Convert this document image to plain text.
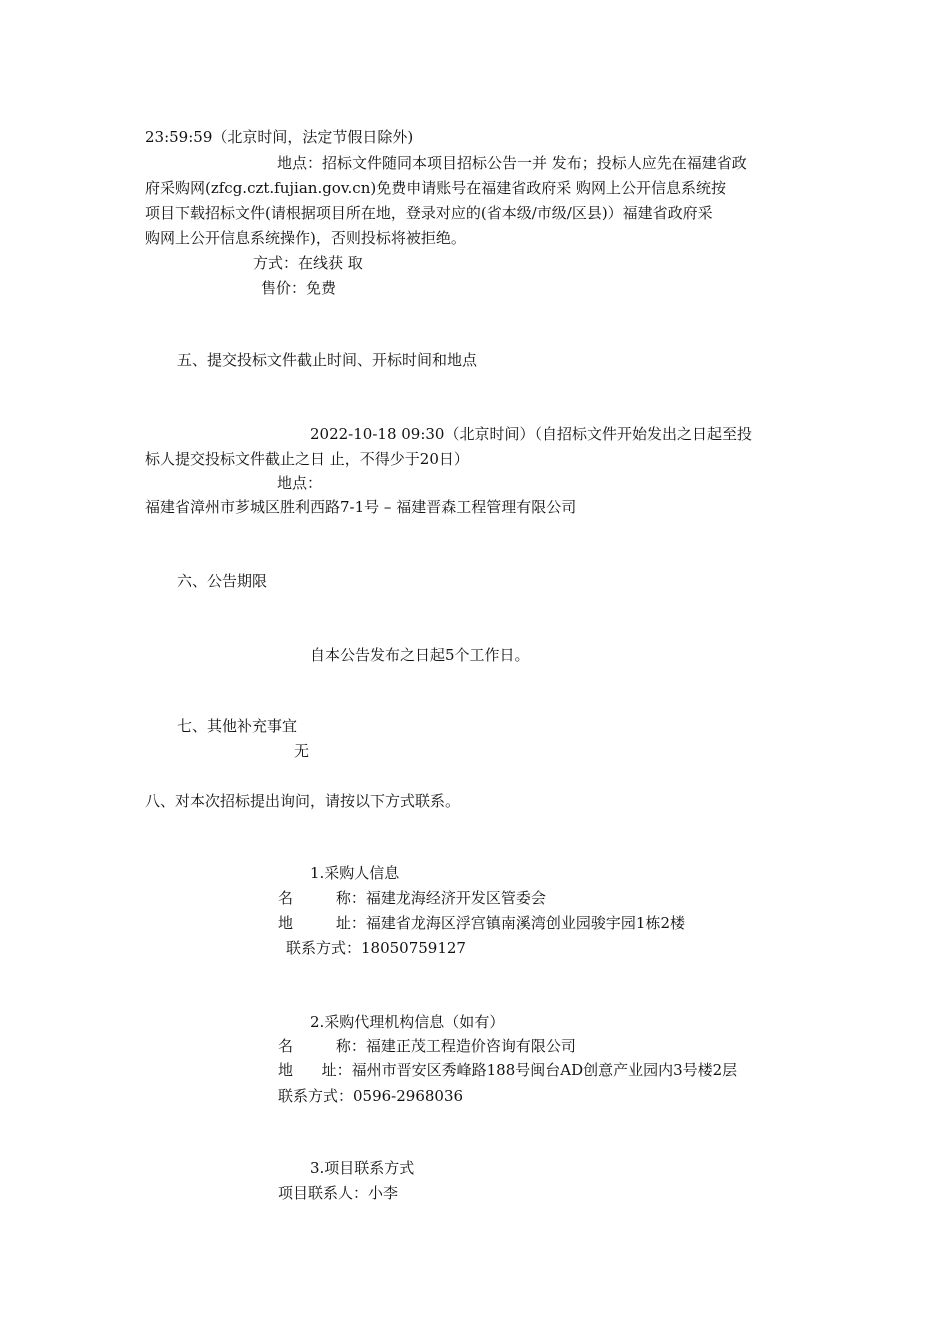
23:59:59（北京时间，法定节假日除外)
地点：招标文件随同本项目招标公告一并 发布；投标人应先在福建省政
府采购网(zfcg.czt.fujian.gov.cn)免费申请账号在福建省政府采 购网上公开信息系统按
项目下载招标文件(请根据项目所在地，登录对应的(省本级/市级/区县)）福建省政府采
购网上公开信息系统操作)，否则投标将被拒绝。
方式：在线获 取
售价：免费
五、提交投标文件截止时间、开标时间和地点
2022-10-18 09:30（北京时间）（自招标文件开始发出之日起至投
标人提交投标文件截止之日 止，不得少于20日）
地点：
福建省漳州市芗城区胜利西路7-1号 – 福建晋森工程管理有限公司
六、公告期限
自本公告发布之日起5个工作日。
七、其他补充事宜
无
八、对本次招标提出询问，请按以下方式联系。
1.采购人信息
名         称：福建龙海经济开发区管委会
地         址：福建省龙海区浮宫镇南溪湾创业园骏宇园1栋2楼
联系方式：18050759127
2.采购代理机构信息（如有）
名         称：福建正茂工程造价咨询有限公司
地      址：福州市晋安区秀峰路188号闽台AD创意产业园内3号楼2层
联系方式：0596-2968036
3.项目联系方式
项目联系人：小李
